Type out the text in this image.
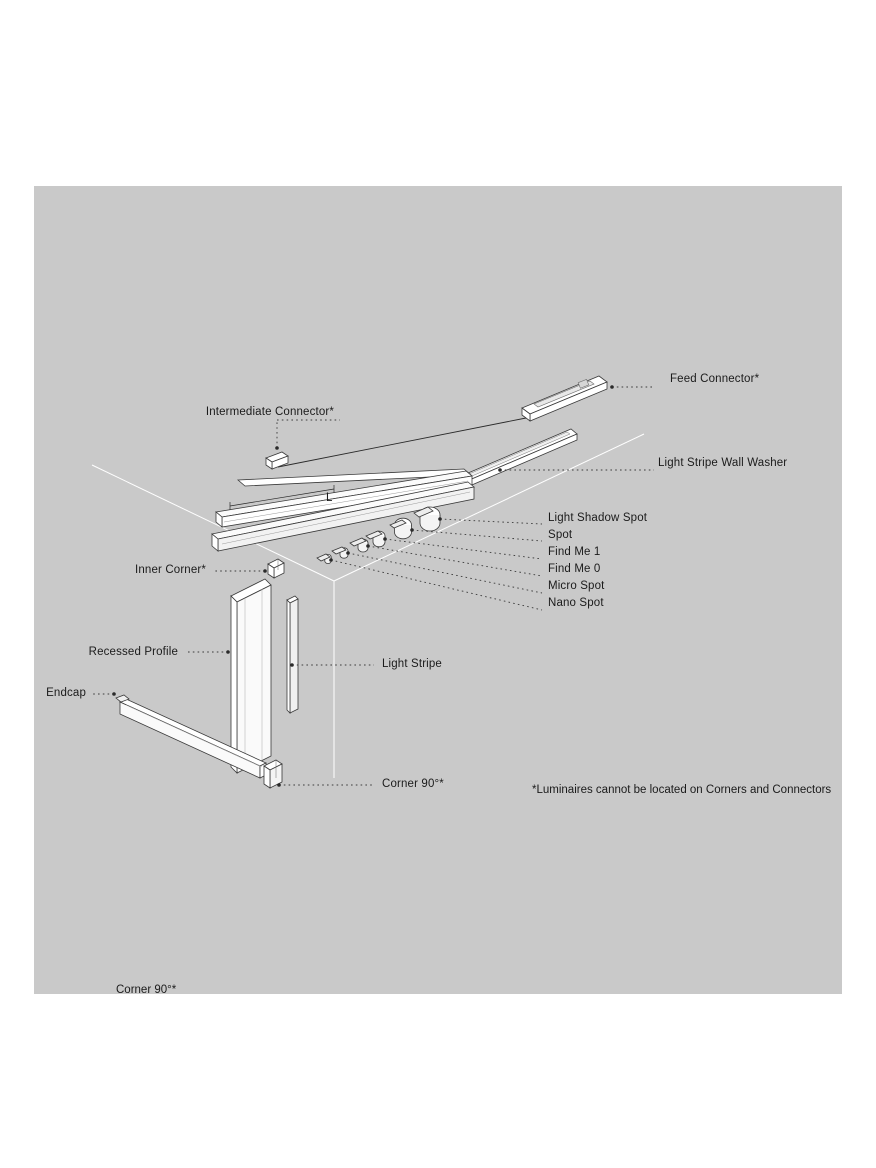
Feed Connector*
Intermediate Connector*
Light Stripe Wall Washer
Light Shadow Spot
Spot
Find Me 1
Find Me 0
Micro Spot
Nano Spot
Inner Corner*
Recessed Profile
Endcap
Light Stripe
Corner 90°*
L
*Luminaires cannot be located on Corners and Connectors
Corner 90°*
